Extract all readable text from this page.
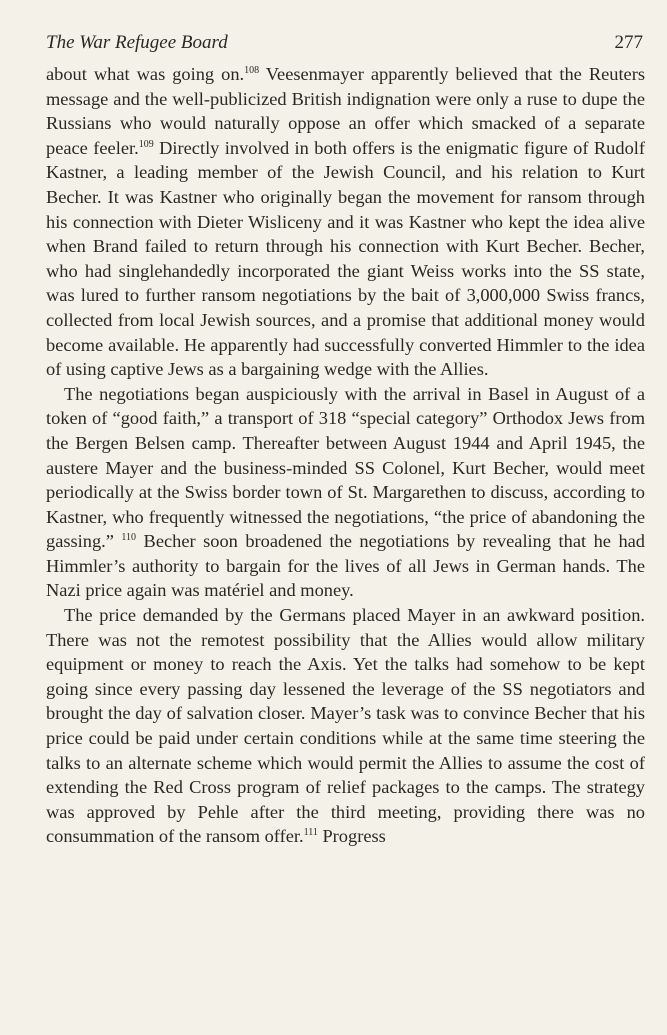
The War Refugee Board	277

about what was going on.$^{108}$ Veesenmayer apparently believed that the Reuters message and the well-publicized British indignation were only a ruse to dupe the Russians who would naturally oppose an offer which smacked of a separate peace feeler.$^{109}$ Directly involved in both offers is the enigmatic figure of Rudolf Kastner, a leading member of the Jewish Council, and his relation to Kurt Becher. It was Kastner who originally began the movement for ransom through his connection with Dieter Wisliceny and it was Kastner who kept the idea alive when Brand failed to return through his connection with Kurt Becher. Becher, who had singlehandedly incorporated the giant Weiss works into the SS state, was lured to further ransom negotiations by the bait of 3,000,000 Swiss francs, collected from local Jewish sources, and a promise that additional money would become available. He apparently had successfully converted Himmler to the idea of using captive Jews as a bargaining wedge with the Allies.

The negotiations began auspiciously with the arrival in Basel in August of a token of “good faith,” a transport of 318 “special category” Orthodox Jews from the Bergen Belsen camp. Thereafter between August 1944 and April 1945, the austere Mayer and the business-minded SS Colonel, Kurt Becher, would meet periodically at the Swiss border town of St. Margarethen to discuss, according to Kastner, who frequently witnessed the negotiations, “the price of abandoning the gassing.” $^{110}$ Becher soon broadened the negotiations by revealing that he had Himmler’s authority to bargain for the lives of all Jews in German hands. The Nazi price again was matériel and money.

The price demanded by the Germans placed Mayer in an awkward position. There was not the remotest possibility that the Allies would allow military equipment or money to reach the Axis. Yet the talks had somehow to be kept going since every passing day lessened the leverage of the SS negotiators and brought the day of salvation closer. Mayer’s task was to convince Becher that his price could be paid under certain conditions while at the same time steering the talks to an alternate scheme which would permit the Allies to assume the cost of extending the Red Cross program of relief packages to the camps. The strategy was approved by Pehle after the third meeting, providing there was no consummation of the ransom offer.$^{111}$ Progress
